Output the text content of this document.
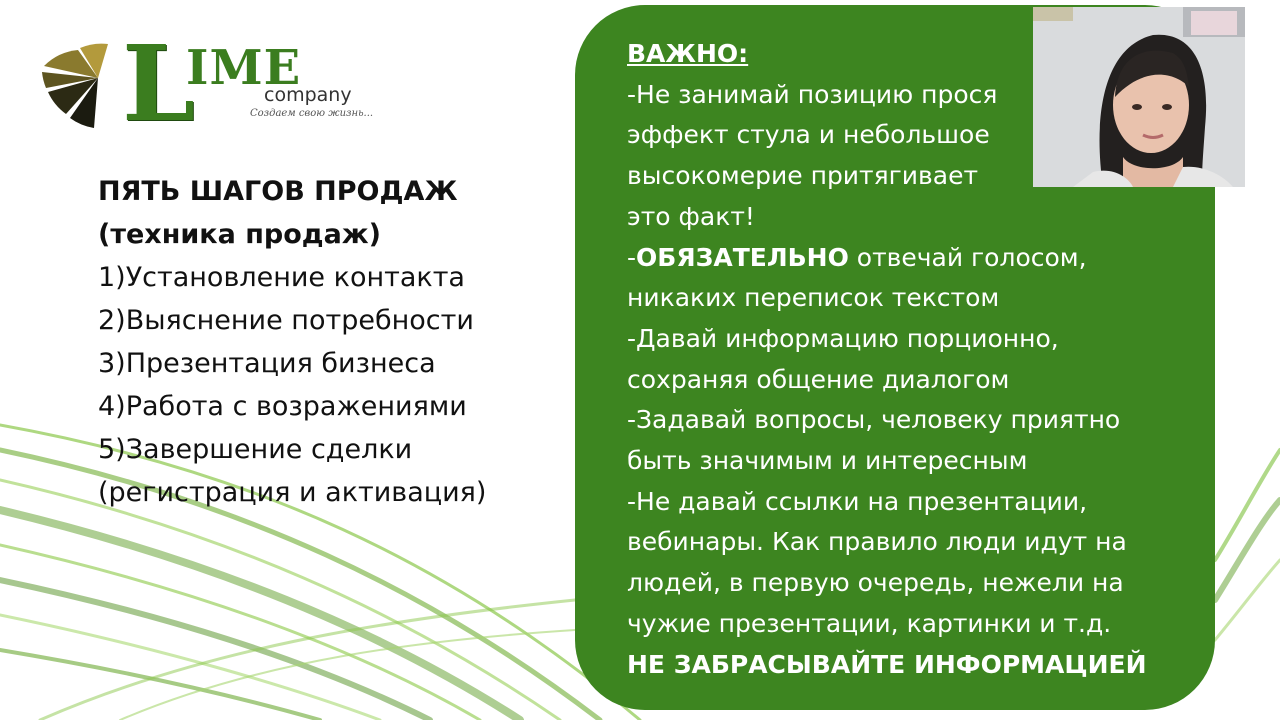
L
IME
company
Создаем свою жизнь...
ПЯТЬ ШАГОВ ПРОДАЖ
(техника продаж)
1)Установление контакта
2)Выяснение потребности
3)Презентация бизнеса
4)Работа с возражениями
5)Завершение сделки
(регистрация и активация)
ВАЖНО:
-Не занимай позицию прося
эффект стула и небольшое
высокомерие притягивает
это факт!
-ОБЯЗАТЕЛЬНО отвечай голосом,
никаких переписок текстом
-Давай информацию порционно,
сохраняя общение диалогом
-Задавай вопросы, человеку приятно
быть значимым и интересным
-Не давай ссылки на презентации,
вебинары. Как правило люди идут на
людей, в первую очередь, нежели на
чужие презентации, картинки и т.д.
НЕ ЗАБРАСЫВАЙТЕ ИНФОРМАЦИЕЙ
